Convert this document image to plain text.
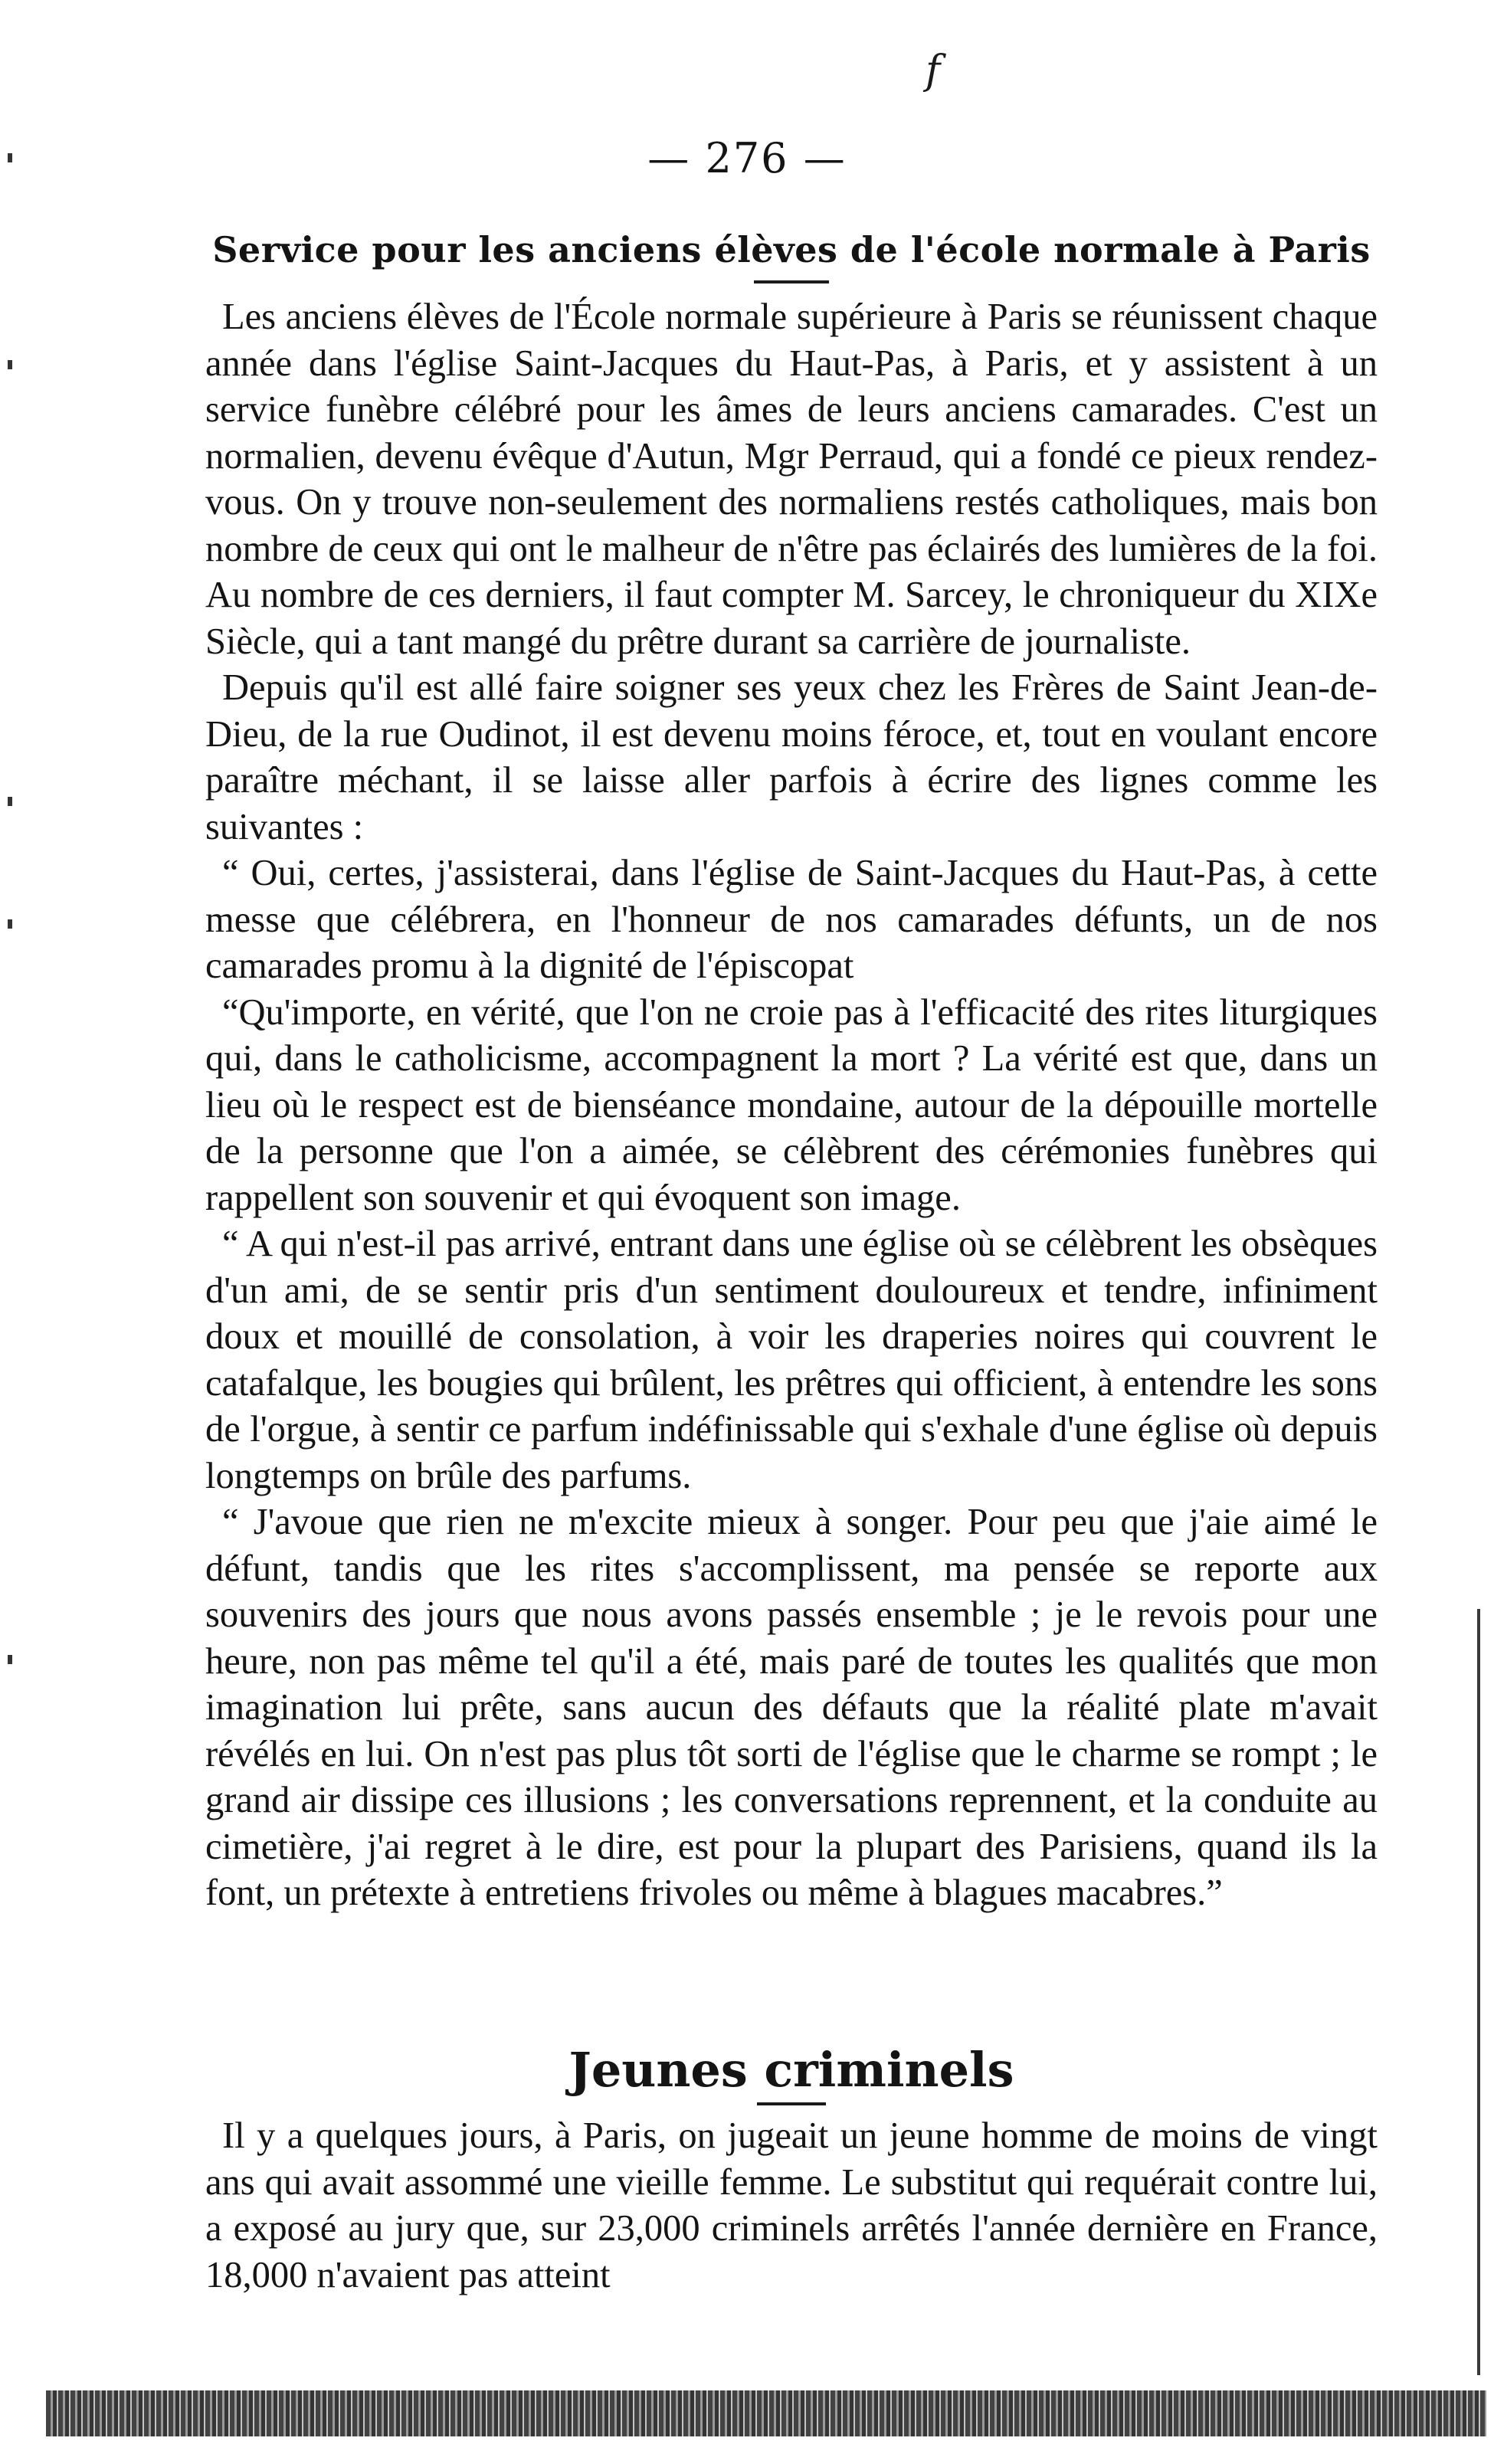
f
— 276 —
Service pour les anciens élèves de l'école normale à Paris

Les anciens élèves de l'École normale supérieure à Paris se réunissent chaque année dans l'église Saint-Jacques du Haut-Pas, à Paris, et y assistent à un service funèbre célébré pour les âmes de leurs anciens camarades. C'est un normalien, devenu évêque d'Autun, Mgr Perraud, qui a fondé ce pieux rendez-vous. On y trouve non-seulement des normaliens restés catholiques, mais bon nombre de ceux qui ont le malheur de n'être pas éclairés des lumières de la foi. Au nombre de ces derniers, il faut compter M. Sarcey, le chroniqueur du XIXe Siècle, qui a tant mangé du prêtre durant sa carrière de journaliste.

Depuis qu'il est allé faire soigner ses yeux chez les Frères de Saint Jean-de-Dieu, de la rue Oudinot, il est devenu moins féroce, et, tout en voulant encore paraître méchant, il se laisse aller parfois à écrire des lignes comme les suivantes :

“ Oui, certes, j'assisterai, dans l'église de Saint-Jacques du Haut-Pas, à cette messe que célébrera, en l'honneur de nos camarades défunts, un de nos camarades promu à la dignité de l'épiscopat

“Qu'importe, en vérité, que l'on ne croie pas à l'efficacité des rites liturgiques qui, dans le catholicisme, accompagnent la mort ? La vérité est que, dans un lieu où le respect est de bienséance mondaine, autour de la dépouille mortelle de la personne que l'on a aimée, se célèbrent des cérémonies funèbres qui rappellent son souvenir et qui évoquent son image.

“ A qui n'est-il pas arrivé, entrant dans une église où se célèbrent les obsèques d'un ami, de se sentir pris d'un sentiment douloureux et tendre, infiniment doux et mouillé de consolation, à voir les draperies noires qui couvrent le catafalque, les bougies qui brûlent, les prêtres qui officient, à entendre les sons de l'orgue, à sentir ce parfum indéfinissable qui s'exhale d'une église où depuis longtemps on brûle des parfums.

“ J'avoue que rien ne m'excite mieux à songer. Pour peu que j'aie aimé le défunt, tandis que les rites s'accomplissent, ma pensée se reporte aux souvenirs des jours que nous avons passés ensemble ; je le revois pour une heure, non pas même tel qu'il a été, mais paré de toutes les qualités que mon imagination lui prête, sans aucun des défauts que la réalité plate m'avait révélés en lui. On n'est pas plus tôt sorti de l'église que le charme se rompt ; le grand air dissipe ces illusions ; les conversations reprennent, et la conduite au cimetière, j'ai regret à le dire, est pour la plupart des Parisiens, quand ils la font, un prétexte à entretiens frivoles ou même à blagues macabres.”

Jeunes criminels

Il y a quelques jours, à Paris, on jugeait un jeune homme de moins de vingt ans qui avait assommé une vieille femme. Le substitut qui requérait contre lui, a exposé au jury que, sur 23,000 criminels arrêtés l'année dernière en France, 18,000 n'avaient pas atteint
